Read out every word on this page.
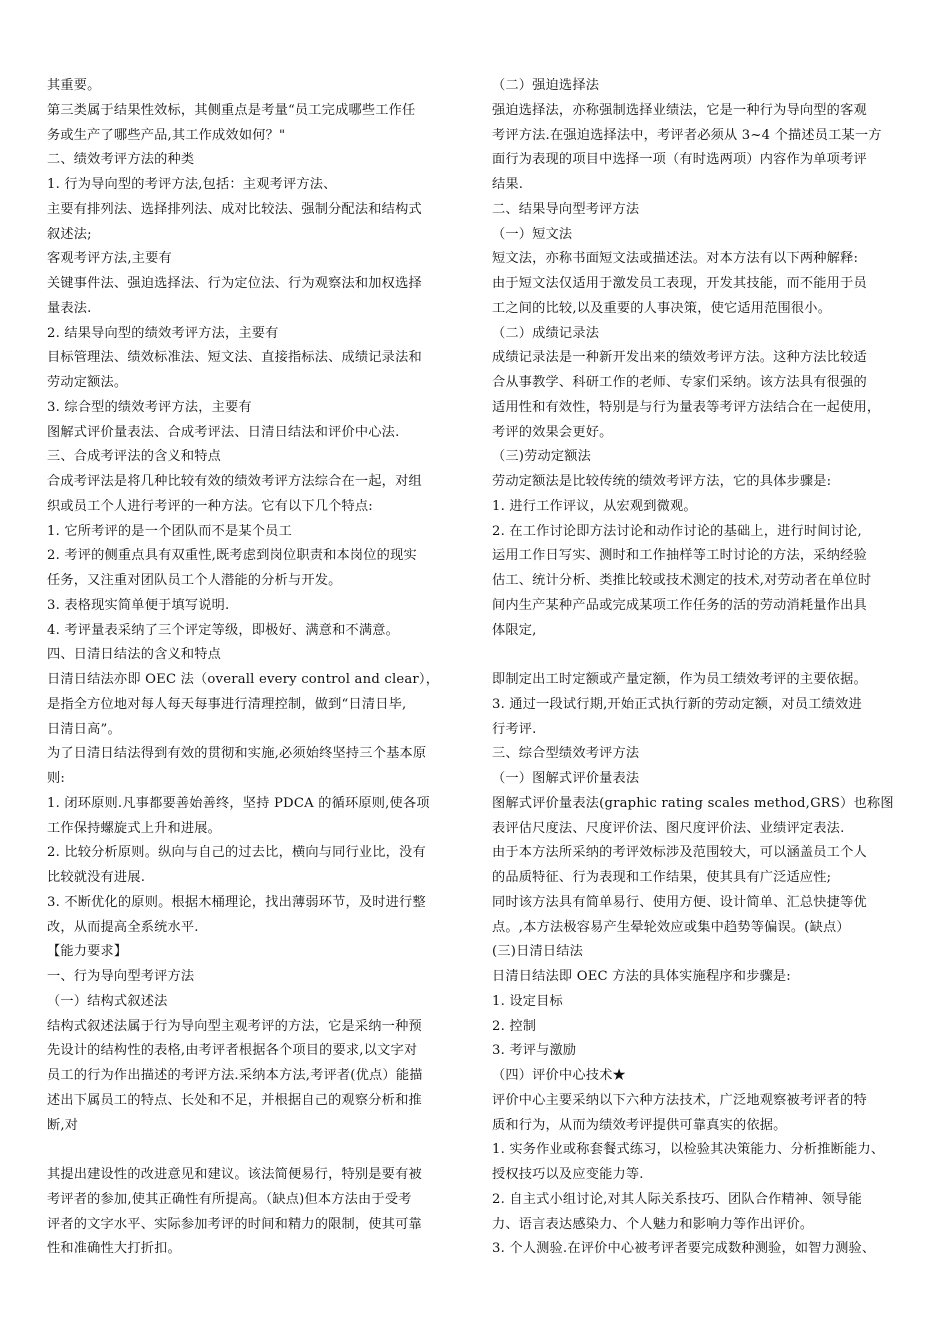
其重要。
第三类属于结果性效标，其侧重点是考量“员工完成哪些工作任
务或生产了哪些产品,其工作成效如何？"
二、绩效考评方法的种类
1. 行为导向型的考评方法,包括：主观考评方法、
主要有排列法、选择排列法、成对比较法、强制分配法和结构式
叙述法;
客观考评方法,主要有
关键事件法、强迫选择法、行为定位法、行为观察法和加权选择
量表法.
2. 结果导向型的绩效考评方法，主要有
目标管理法、绩效标准法、短文法、直接指标法、成绩记录法和
劳动定额法。
3. 综合型的绩效考评方法，主要有
图解式评价量表法、合成考评法、日清日结法和评价中心法.
三、合成考评法的含义和特点
合成考评法是将几种比较有效的绩效考评方法综合在一起，对组
织或员工个人进行考评的一种方法。它有以下几个特点:
1. 它所考评的是一个团队而不是某个员工
2. 考评的侧重点具有双重性,既考虑到岗位职责和本岗位的现实
任务，又注重对团队员工个人潜能的分析与开发。
3. 表格现实简单便于填写说明.
4. 考评量表采纳了三个评定等级，即极好、满意和不满意。
四、日清日结法的含义和特点
日清日结法亦即 OEC 法（overall every control and clear），
是指全方位地对每人每天每事进行清理控制，做到“日清日毕,
日清日高”。
为了日清日结法得到有效的贯彻和实施,必须始终坚持三个基本原
则:
1. 闭环原则.凡事都要善始善终，坚持 PDCA 的循环原则,使各项
工作保持螺旋式上升和进展。
2. 比较分析原则。纵向与自己的过去比，横向与同行业比，没有
比较就没有进展.
3. 不断优化的原则。根据木桶理论，找出薄弱环节，及时进行整
改，从而提高全系统水平.
【能力要求】
一、行为导向型考评方法
（一）结构式叙述法
结构式叙述法属于行为导向型主观考评的方法，它是采纳一种预
先设计的结构性的表格,由考评者根据各个项目的要求,以文字对
员工的行为作出描述的考评方法.采纳本方法,考评者(优点）能描
述出下属员工的特点、长处和不足，并根据自己的观察分析和推
断,对
其提出建设性的改进意见和建议。该法简便易行，特别是要有被
考评者的参加,使其正确性有所提高。（缺点)但本方法由于受考
评者的文字水平、实际参加考评的时间和精力的限制，使其可靠
性和准确性大打折扣。
（二）强迫选择法
强迫选择法，亦称强制选择业绩法，它是一种行为导向型的客观
考评方法.在强迫选择法中，考评者必须从 3~4 个描述员工某一方
面行为表现的项目中选择一项（有时选两项）内容作为单项考评
结果.
二、结果导向型考评方法
（一）短文法
短文法，亦称书面短文法或描述法。对本方法有以下两种解释:
由于短文法仅适用于激发员工表现，开发其技能，而不能用于员
工之间的比较,以及重要的人事决策，使它适用范围很小。
（二）成绩记录法
成绩记录法是一种新开发出来的绩效考评方法。这种方法比较适
合从事教学、科研工作的老师、专家们采纳。该方法具有很强的
适用性和有效性，特别是与行为量表等考评方法结合在一起使用，
考评的效果会更好。
（三)劳动定额法
劳动定额法是比较传统的绩效考评方法，它的具体步骤是:
1. 进行工作评议，从宏观到微观。
2. 在工作讨论即方法讨论和动作讨论的基础上，进行时间讨论,
运用工作日写实、测时和工作抽样等工时讨论的方法，采纳经验
估工、统计分析、类推比较或技术测定的技术,对劳动者在单位时
间内生产某种产品或完成某项工作任务的活的劳动消耗量作出具
体限定,
即制定出工时定额或产量定额，作为员工绩效考评的主要依据。
3. 通过一段试行期,开始正式执行新的劳动定额，对员工绩效进
行考评.
三、综合型绩效考评方法
（一）图解式评价量表法
图解式评价量表法(graphic rating scales method,GRS）也称图
表评估尺度法、尺度评价法、图尺度评价法、业绩评定表法.
由于本方法所采纳的考评效标涉及范围较大，可以涵盖员工个人
的品质特征、行为表现和工作结果，使其具有广泛适应性;
同时该方法具有简单易行、使用方便、设计简单、汇总快捷等优
点。,本方法极容易产生晕轮效应或集中趋势等偏误。(缺点）
(三)日清日结法
日清日结法即 OEC 方法的具体实施程序和步骤是:
1. 设定目标
2. 控制
3. 考评与激励
（四）评价中心技术★
评价中心主要采纳以下六种方法技术，广泛地观察被考评者的特
质和行为，从而为绩效考评提供可靠真实的依据。
1. 实务作业或称套餐式练习，以检验其决策能力、分析推断能力、
授权技巧以及应变能力等.
2. 自主式小组讨论,对其人际关系技巧、团队合作精神、领导能
力、语言表达感染力、个人魅力和影响力等作出评价。
3. 个人测验.在评价中心被考评者要完成数种测验，如智力测验、
